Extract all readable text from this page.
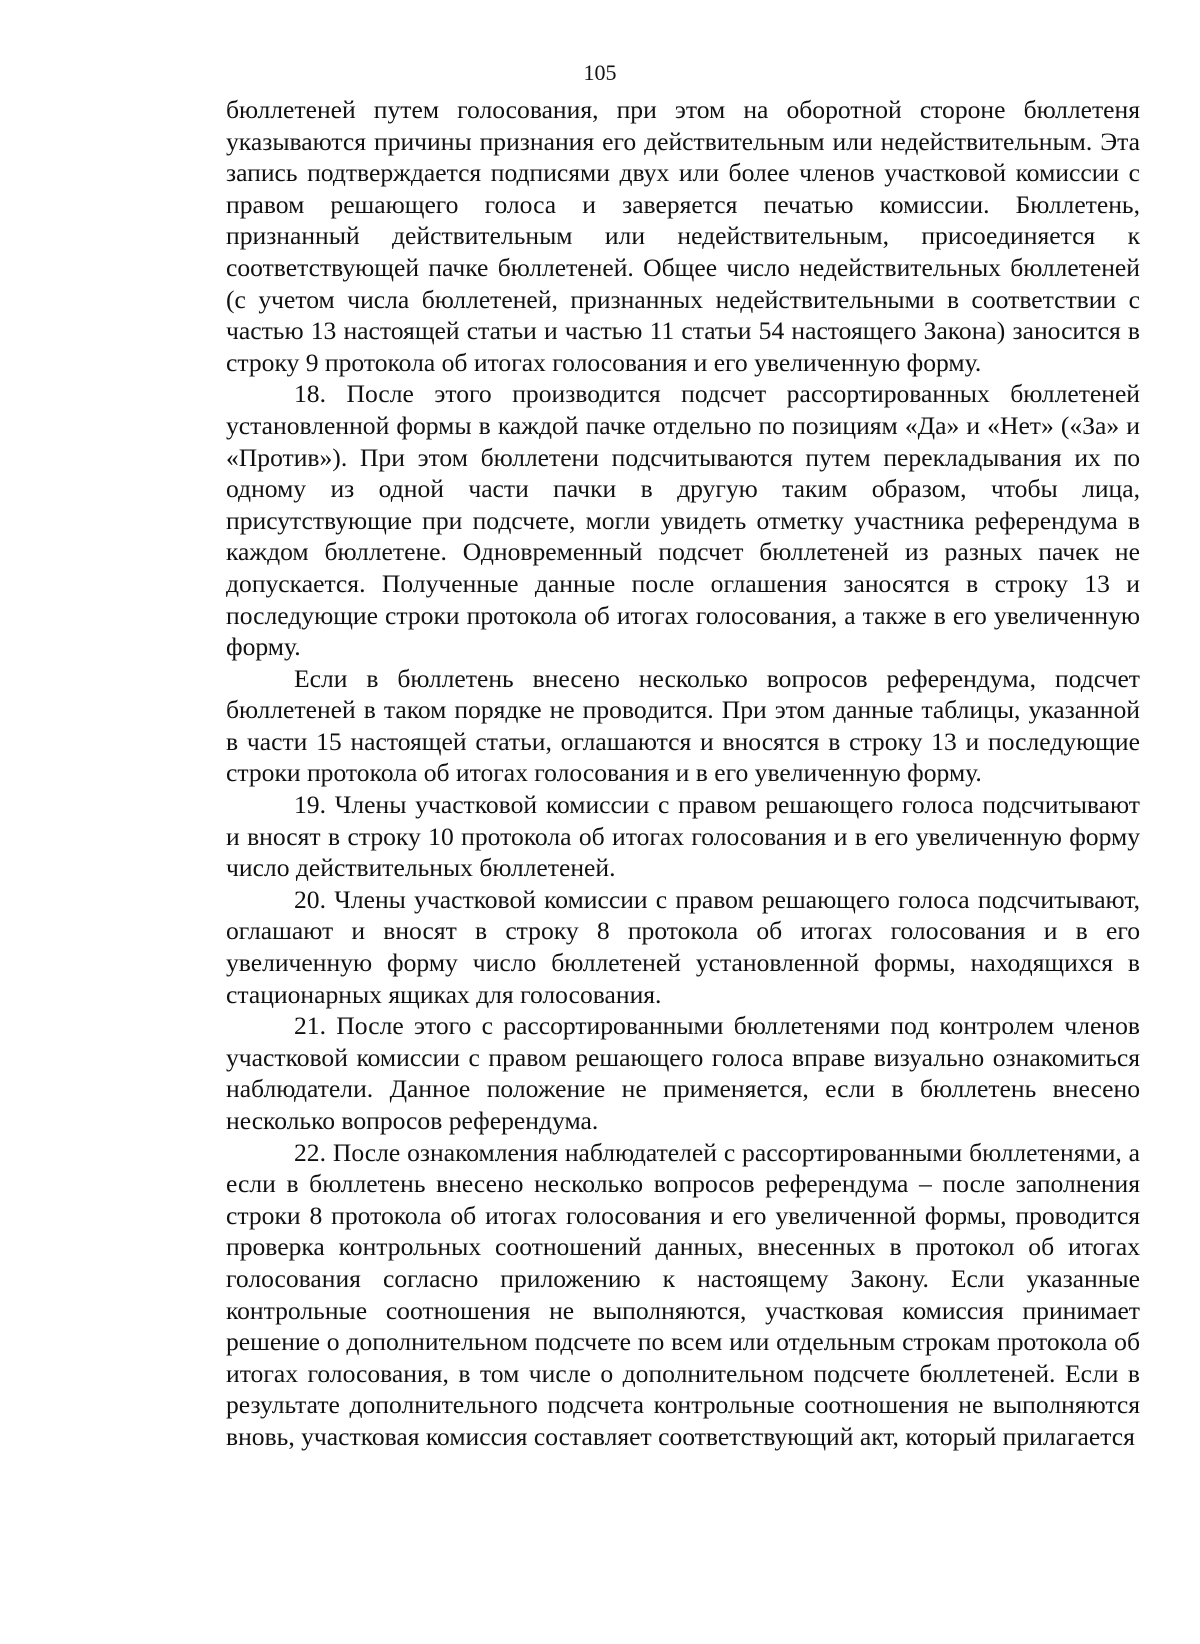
105

бюллетеней путем голосования, при этом на оборотной стороне бюллетеня указываются причины признания его действительным или недействительным. Эта запись подтверждается подписями двух или более членов участковой комиссии с правом решающего голоса и заверяется печатью комиссии. Бюллетень, признанный действительным или недействительным, присоединяется к соответствующей пачке бюллетеней. Общее число недействительных бюллетеней (с учетом числа бюллетеней, признанных недействительными в соответствии с частью 13 настоящей статьи и частью 11 статьи 54 настоящего Закона) заносится в строку 9 протокола об итогах голосования и его увеличенную форму.

18. После этого производится подсчет рассортированных бюллетеней установленной формы в каждой пачке отдельно по позициям «Да» и «Нет» («За» и «Против»). При этом бюллетени подсчитываются путем перекладывания их по одному из одной части пачки в другую таким образом, чтобы лица, присутствующие при подсчете, могли увидеть отметку участника референдума в каждом бюллетене. Одновременный подсчет бюллетеней из разных пачек не допускается. Полученные данные после оглашения заносятся в строку 13 и последующие строки протокола об итогах голосования, а также в его увеличенную форму.

Если в бюллетень внесено несколько вопросов референдума, подсчет бюллетеней в таком порядке не проводится. При этом данные таблицы, указанной в части 15 настоящей статьи, оглашаются и вносятся в строку 13 и последующие строки протокола об итогах голосования и в его увеличенную форму.

19. Члены участковой комиссии с правом решающего голоса подсчитывают и вносят в строку 10 протокола об итогах голосования и в его увеличенную форму число действительных бюллетеней.

20. Члены участковой комиссии с правом решающего голоса подсчитывают, оглашают и вносят в строку 8 протокола об итогах голосования и в его увеличенную форму число бюллетеней установленной формы, находящихся в стационарных ящиках для голосования.

21. После этого с рассортированными бюллетенями под контролем членов участковой комиссии с правом решающего голоса вправе визуально ознакомиться наблюдатели. Данное положение не применяется, если в бюллетень внесено несколько вопросов референдума.

22. После ознакомления наблюдателей с рассортированными бюллетенями, а если в бюллетень внесено несколько вопросов референдума – после заполнения строки 8 протокола об итогах голосования и его увеличенной формы, проводится проверка контрольных соотношений данных, внесенных в протокол об итогах голосования согласно приложению к настоящему Закону. Если указанные контрольные соотношения не выполняются, участковая комиссия принимает решение о дополнительном подсчете по всем или отдельным строкам протокола об итогах голосования, в том числе о дополнительном подсчете бюллетеней. Если в результате дополнительного подсчета контрольные соотношения не выполняются вновь, участковая комиссия составляет соответствующий акт, который прилагается
